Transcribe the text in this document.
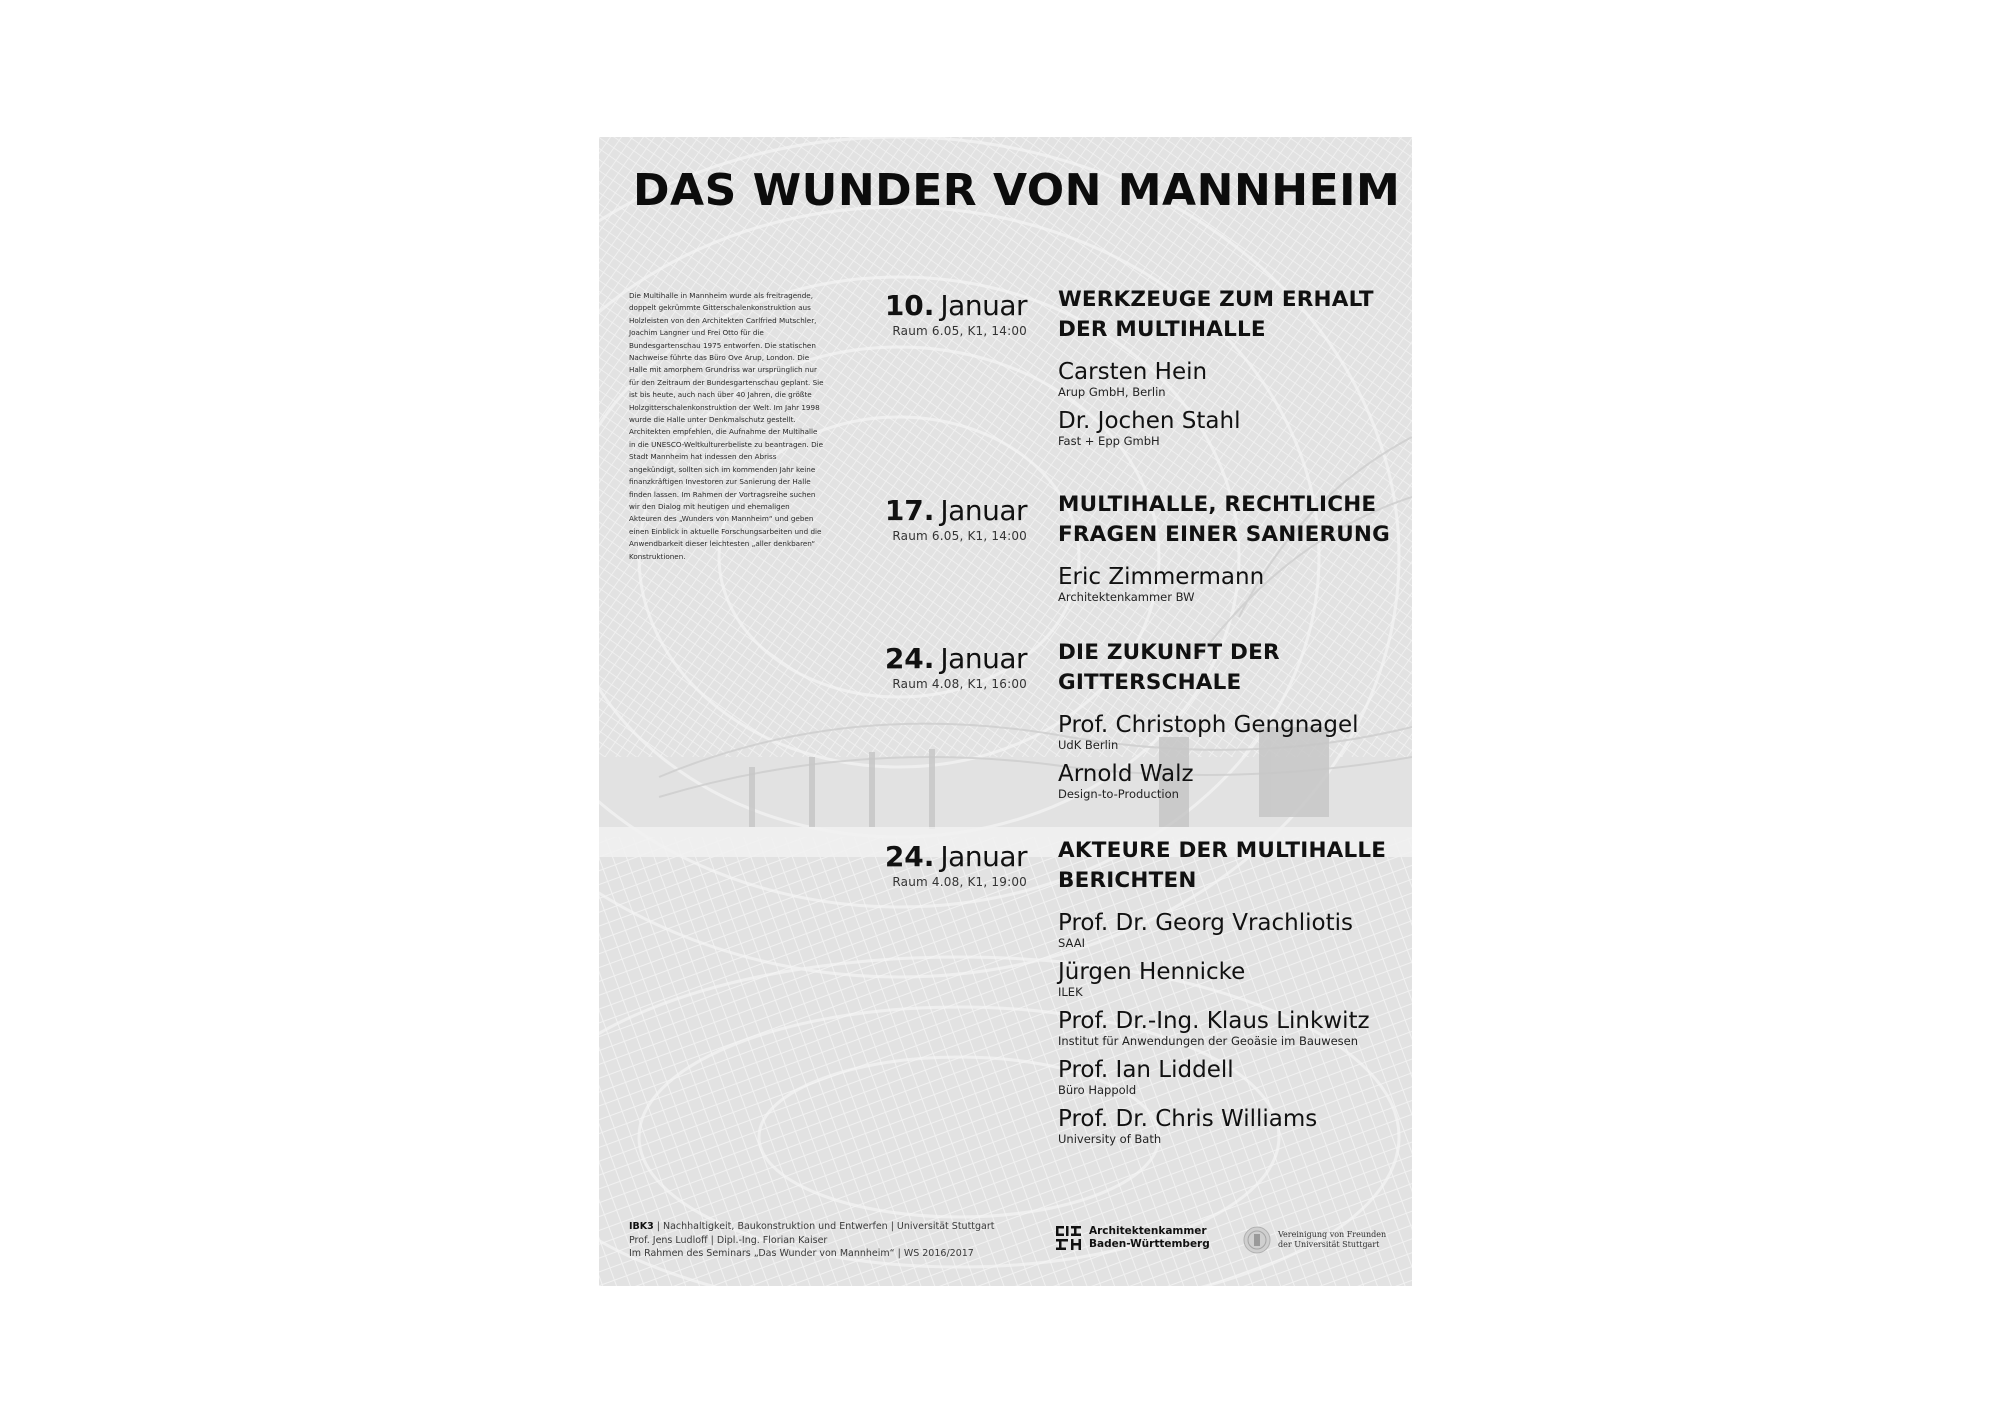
DAS WUNDER VON MANNHEIM

Die Multihalle in Mannheim wurde als freitragende, doppelt gekrümmte Gitterschalenkonstruktion aus Holzleisten von den Architekten Carlfried Mutschler, Joachim Langner und Frei Otto für die Bundesgartenschau 1975 entworfen. Die statischen Nachweise führte das Büro Ove Arup, London. Die Halle mit amorphem Grundriss war ursprünglich nur für den Zeitraum der Bundesgartenschau geplant. Sie ist bis heute, auch nach über 40 Jahren, die größte Holzgitterschalenkonstruktion der Welt. Im Jahr 1998 wurde die Halle unter Denkmalschutz gestellt. Architekten empfehlen, die Aufnahme der Multihalle in die UNESCO-Weltkulturerbeliste zu beantragen. Die Stadt Mannheim hat indessen den Abriss angekündigt, sollten sich im kommenden Jahr keine finanzkräftigen Investoren zur Sanierung der Halle finden lassen. Im Rahmen der Vortragsreihe suchen wir den Dialog mit heutigen und ehemaligen Akteuren des „Wunders von Mannheim“ und geben einen Einblick in aktuelle Forschungsarbeiten und die Anwendbarkeit dieser leichtesten „aller denkbaren“ Konstruktionen.

10. Januar
Raum 6.05, K1, 14:00

WERKZEUGE ZUM ERHALT DER MULTIHALLE

Carsten Hein
Arup GmbH, Berlin
Dr. Jochen Stahl
Fast + Epp GmbH
17. Januar
Raum 6.05, K1, 14:00

MULTIHALLE, RECHTLICHE FRAGEN EINER SANIERUNG

Eric Zimmermann
Architektenkammer BW
24. Januar
Raum 4.08, K1, 16:00

DIE ZUKUNFT DER GITTERSCHALE

Prof. Christoph Gengnagel
UdK Berlin
Arnold Walz
Design-to-Production
24. Januar
Raum 4.08, K1, 19:00

AKTEURE DER MULTIHALLE BERICHTEN

Prof. Dr. Georg Vrachliotis
SAAI
Jürgen Hennicke
ILEK
Prof. Dr.-Ing. Klaus Linkwitz
Institut für Anwendungen der Geoäsie im Bauwesen
Prof. Ian Liddell
Büro Happold
Prof. Dr. Chris Williams
University of Bath

IBK3 | Nachhaltigkeit, Baukonstruktion und Entwerfen | Universität Stuttgart
Prof. Jens Ludloff | Dipl.-Ing. Florian Kaiser
Im Rahmen des Seminars „Das Wunder von Mannheim“ | WS 2016/2017

Architektenkammer
Baden-Württemberg
Vereinigung von Freunden
der Universität Stuttgart
